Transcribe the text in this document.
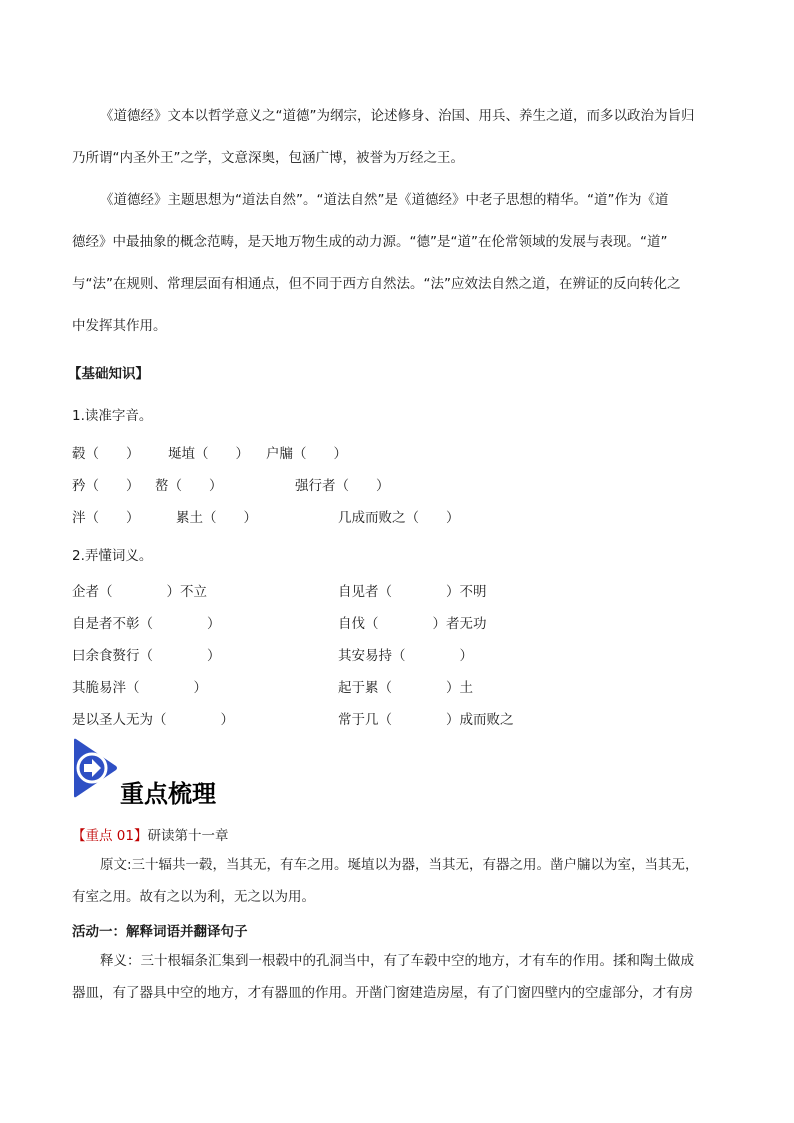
《道德经》文本以哲学意义之“道德”为纲宗，论述修身、治国、用兵、养生之道，而多以政治为旨归
乃所谓“内圣外王”之学，文意深奥，包涵广博，被誉为万经之王。
《道德经》主题思想为“道法自然”。“道法自然”是《道德经》中老子思想的精华。“道”作为《道
德经》中最抽象的概念范畴，是天地万物生成的动力源。“德”是“道”在伦常领域的发展与表现。“道”
与“法”在规则、常理层面有相通点，但不同于西方自然法。“法”应效法自然之道，在辨证的反向转化之
中发挥其作用。
【基础知识】
1.读准字音。
毂（　　） 埏埴（　　） 户牖（　　）
矜（　　） 嶅（　　）	强行者（　　）
泮（　　）	累土（　　）	几成而败之（　　）
2.弄懂词义。
企者（　　　　）不立	自见者（　　　　）不明
自是者不彰（　　　　）	自伐（　　　　）者无功
曰余食赘行（　　　　）	其安易持（　　　　）
其脆易泮（　　　　）	起于累（　　　　）土
是以圣人无为（　　　　）	常于几（　　　　）成而败之
重点梳理
【重点 01】研读第十一章
原文:三十辐共一毂，当其无，有车之用。埏埴以为器，当其无，有器之用。凿户牖以为室，当其无，
有室之用。故有之以为利，无之以为用。
活动一：解释词语并翻译句子
释义：三十根辐条汇集到一根毂中的孔洞当中，有了车毂中空的地方，才有车的作用。揉和陶土做成
器皿，有了器具中空的地方，才有器皿的作用。开凿门窗建造房屋，有了门窗四壁内的空虚部分，才有房
